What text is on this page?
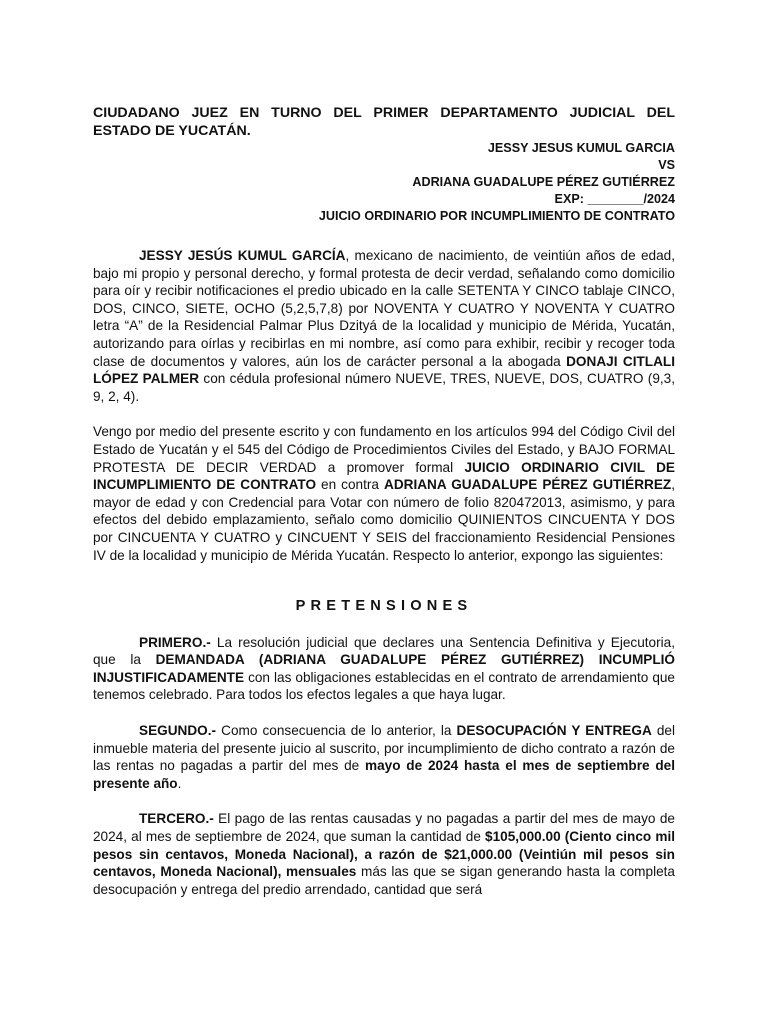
CIUDADANO JUEZ EN TURNO DEL PRIMER DEPARTAMENTO JUDICIAL DEL
ESTADO DE YUCATÁN.
JESSY JESUS KUMUL GARCIA
VS
ADRIANA GUADALUPE PÉREZ GUTIÉRREZ
EXP: ________/2024
JUICIO ORDINARIO POR INCUMPLIMIENTO DE CONTRATO

JESSY JESÚS KUMUL GARCÍA, mexicano de nacimiento, de veintiún años de edad, bajo mi propio y personal derecho, y formal protesta de decir verdad, señalando como domicilio para oír y recibir notificaciones el predio ubicado en la calle SETENTA Y CINCO tablaje CINCO, DOS, CINCO, SIETE, OCHO (5,2,5,7,8) por NOVENTA Y CUATRO Y NOVENTA Y CUATRO letra “A” de la Residencial Palmar Plus Dzityá de la localidad y municipio de Mérida, Yucatán, autorizando para oírlas y recibirlas en mi nombre, así como para exhibir, recibir y recoger toda clase de documentos y valores, aún los de carácter personal a la abogada DONAJI CITLALI LÓPEZ PALMER con cédula profesional número NUEVE, TRES, NUEVE, DOS, CUATRO (9,3, 9, 2, 4).

Vengo por medio del presente escrito y con fundamento en los artículos 994 del Código Civil del Estado de Yucatán y el 545 del Código de Procedimientos Civiles del Estado, y BAJO FORMAL PROTESTA DE DECIR VERDAD a promover formal JUICIO ORDINARIO CIVIL DE INCUMPLIMIENTO DE CONTRATO en contra ADRIANA GUADALUPE PÉREZ GUTIÉRREZ, mayor de edad y con Credencial para Votar con número de folio 820472013, asimismo, y para efectos del debido emplazamiento, señalo como domicilio QUINIENTOS CINCUENTA Y DOS por CINCUENTA Y CUATRO y CINCUENT Y SEIS del fraccionamiento Residencial Pensiones IV de la localidad y municipio de Mérida Yucatán. Respecto lo anterior, expongo las siguientes:

PRETENSIONES

PRIMERO.- La resolución judicial que declares una Sentencia Definitiva y Ejecutoria, que la DEMANDADA (ADRIANA GUADALUPE PÉREZ GUTIÉRREZ) INCUMPLIÓ INJUSTIFICADAMENTE con las obligaciones establecidas en el contrato de arrendamiento que tenemos celebrado. Para todos los efectos legales a que haya lugar.

SEGUNDO.- Como consecuencia de lo anterior, la DESOCUPACIÓN Y ENTREGA del inmueble materia del presente juicio al suscrito, por incumplimiento de dicho contrato a razón de las rentas no pagadas a partir del mes de mayo de 2024 hasta el mes de septiembre del presente año.

TERCERO.- El pago de las rentas causadas y no pagadas a partir del mes de mayo de 2024, al mes de septiembre de 2024, que suman la cantidad de $105,000.00 (Ciento cinco mil pesos sin centavos, Moneda Nacional), a razón de $21,000.00 (Veintiún mil pesos sin centavos, Moneda Nacional), mensuales más las que se sigan generando hasta la completa desocupación y entrega del predio arrendado, cantidad que será
